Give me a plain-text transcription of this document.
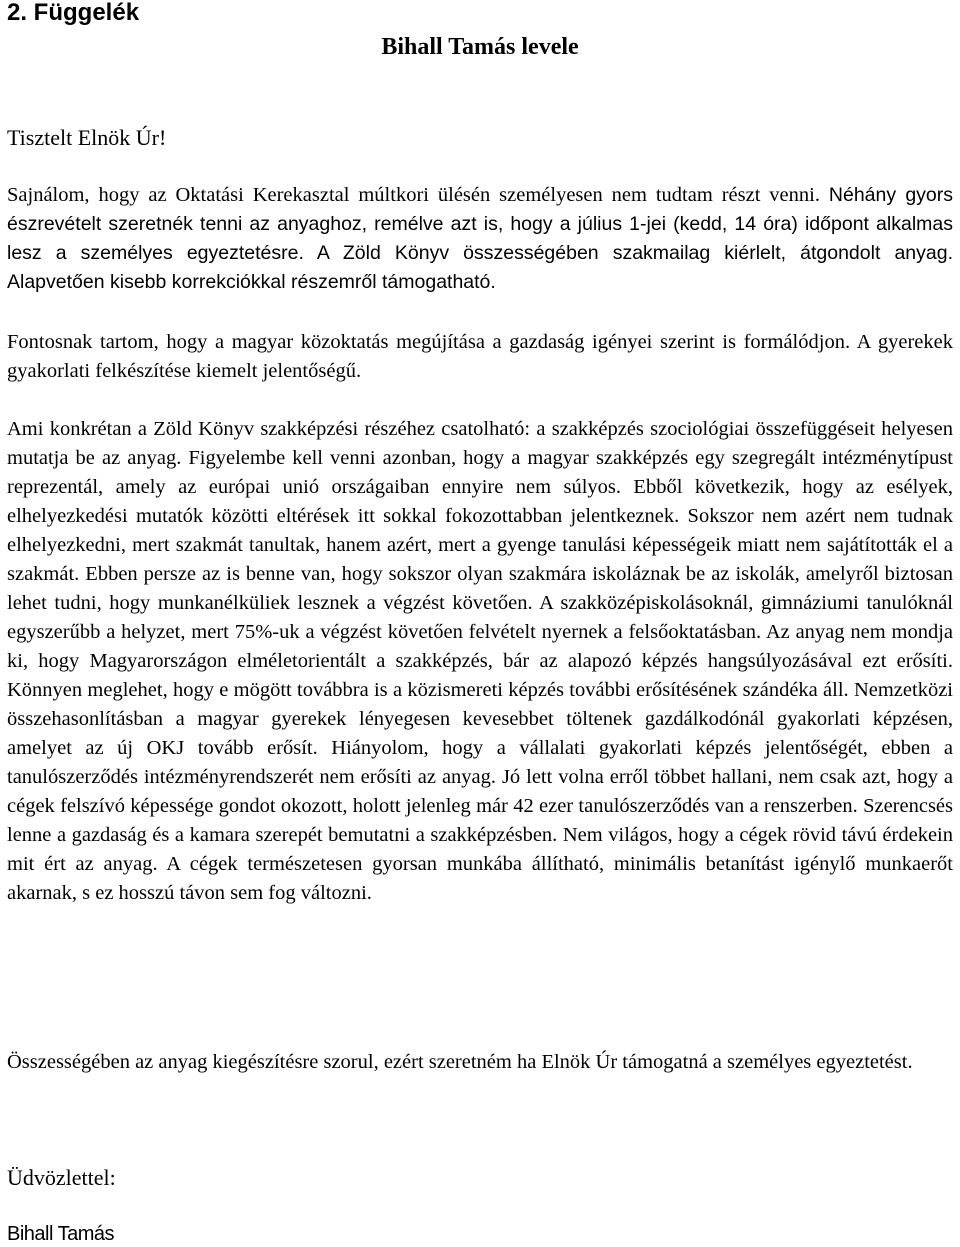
2. Függelék
Bihall Tamás levele

Tisztelt Elnök Úr!

Sajnálom, hogy az Oktatási Kerekasztal múltkori ülésén személyesen nem tudtam részt venni. Néhány gyors észrevételt szeretnék tenni az anyaghoz, remélve azt is, hogy a július 1-jei (kedd, 14 óra) időpont alkalmas lesz a személyes egyeztetésre. A Zöld Könyv összességében szakmailag kiérlelt, átgondolt anyag. Alapvetően kisebb korrekciókkal részemről támogatható.

Fontosnak tartom, hogy a magyar közoktatás megújítása a gazdaság igényei szerint is formálódjon. A gyerekek gyakorlati felkészítése kiemelt jelentőségű.

Ami konkrétan a Zöld Könyv szakképzési részéhez csatolható: a szakképzés szociológiai összefüggéseit helyesen mutatja be az anyag. Figyelembe kell venni azonban, hogy a magyar szakképzés egy szegregált intézménytípust reprezentál, amely az európai unió országaiban ennyire nem súlyos. Ebből következik, hogy az esélyek, elhelyezkedési mutatók közötti eltérések itt sokkal fokozottabban jelentkeznek. Sokszor nem azért nem tudnak elhelyezkedni, mert szakmát tanultak, hanem azért, mert a gyenge tanulási képességeik miatt nem sajátították el a szakmát. Ebben persze az is benne van, hogy sokszor olyan szakmára iskoláznak be az iskolák, amelyről biztosan lehet tudni, hogy munkanélküliek lesznek a végzést követően. A szakközépiskolásoknál, gimnáziumi tanulóknál egyszerűbb a helyzet, mert 75%-uk a végzést követően felvételt nyernek a felsőoktatásban. Az anyag nem mondja ki, hogy Magyarországon elméletorientált a szakképzés, bár az alapozó képzés hangsúlyozásával ezt erősíti. Könnyen meglehet, hogy e mögött továbbra is a közismereti képzés további erősítésének szándéka áll. Nemzetközi összehasonlításban a magyar gyerekek lényegesen kevesebbet töltenek gazdálkodónál gyakorlati képzésen, amelyet az új OKJ tovább erősít. Hiányolom, hogy a vállalati gyakorlati képzés jelentőségét, ebben a tanulószerződés intézményrendszerét nem erősíti az anyag. Jó lett volna erről többet hallani, nem csak azt, hogy a cégek felszívó képessége gondot okozott, holott jelenleg már 42 ezer tanulószerződés van a renszerben. Szerencsés lenne a gazdaság és a kamara szerepét bemutatni a szakképzésben. Nem világos, hogy a cégek rövid távú érdekein mit ért az anyag. A cégek természetesen gyorsan munkába állítható, minimális betanítást igénylő munkaerőt akarnak, s ez hosszú távon sem fog változni.

Összességében az anyag kiegészítésre szorul, ezért szeretném ha Elnök Úr támogatná a személyes egyeztetést.

Üdvözlettel:

Bihall Tamás
